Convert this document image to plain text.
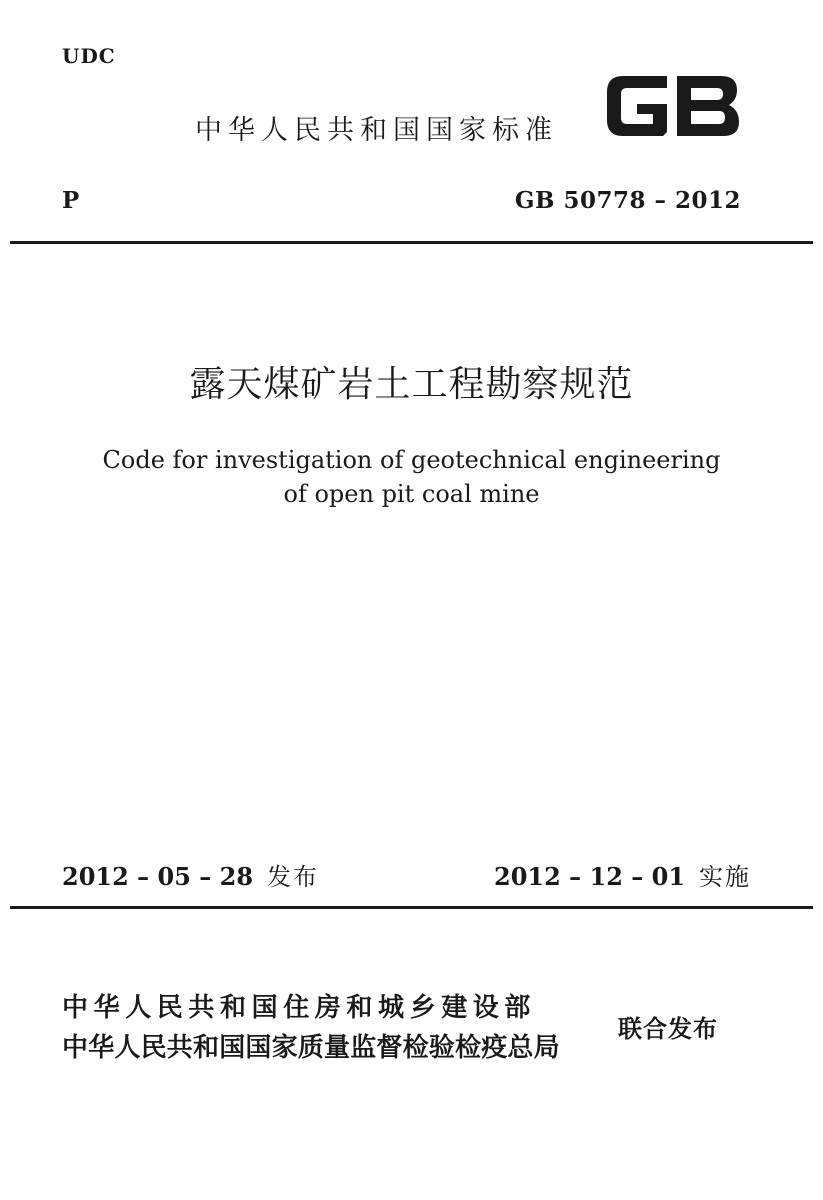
UDC
中华人民共和国国家标准
P	GB 50778 – 2012
露天煤矿岩土工程勘察规范
Code for investigation of geotechnical engineering
of open pit coal mine
2012 – 05 – 28 发布	2012 – 12 – 01 实施
中华人民共和国住房和城乡建设部
中华人民共和国国家质量监督检验检疫总局
联合发布
